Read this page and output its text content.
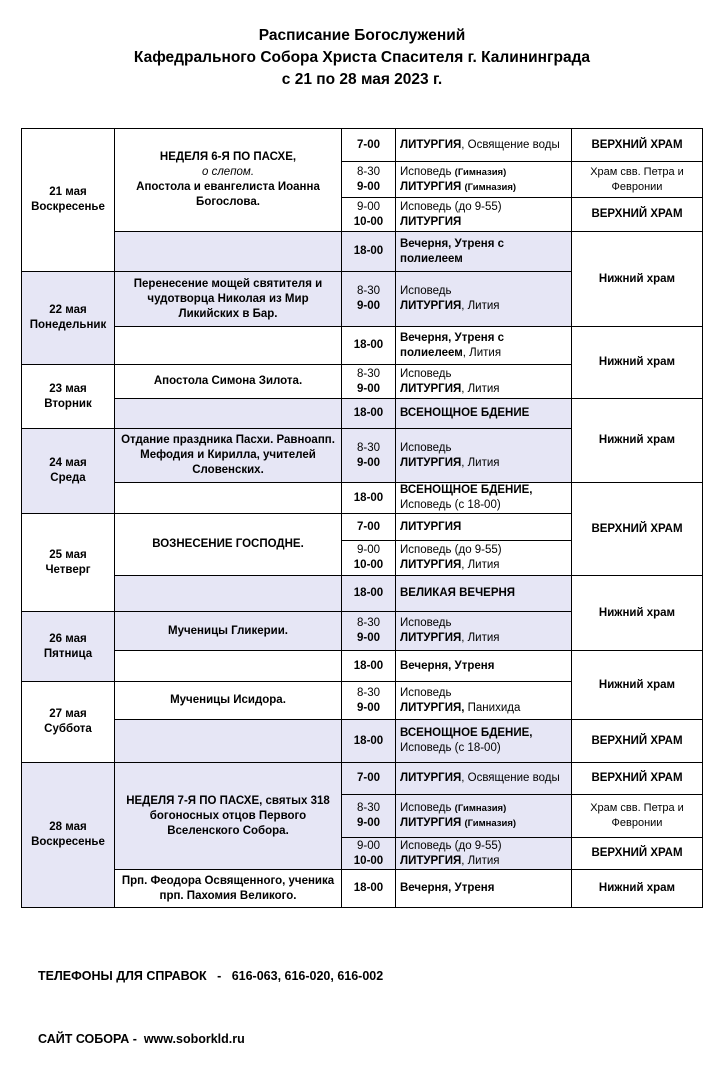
Расписание Богослужений
Кафедрального Собора Христа Спасителя г. Калининграда
с 21 по 28 мая 2023 г.
21 мая
Воскресенье	НЕДЕЛЯ 6-Я ПО ПАСХЕ,
о слепом.
Апостола и евангелиста Иоанна Богослова.	7-00	ЛИТУРГИЯ, Освящение воды	ВЕРХНИЙ ХРАМ

		8-30
9-00	Исповедь (Гимназия)
ЛИТУРГИЯ (Гимназия)	Храм свв. Петра и Февронии

		9-00
10-00	Исповедь (до 9-55)
ЛИТУРГИЯ	ВЕРХНИЙ ХРАМ
		18-00	Вечерня, Утреня с полиелеем	Нижний храм

22 мая
Понедельник	Перенесение мощей святителя и чудотворца Николая из Мир Ликийских в Бар.	8-30
9-00	Исповедь
ЛИТУРГИЯ, Лития	

		18-00	Вечерня, Утреня с полиелеем, Лития	Нижний храм

23 мая
Вторник	Апостола Симона Зилота.	8-30
9-00	Исповедь
ЛИТУРГИЯ, Лития	

		18-00	ВСЕНОЩНОЕ БДЕНИЕ	Нижний храм

24 мая
Среда	Отдание праздника Пасхи. Равноапп. Мефодия и Кирилла, учителей Словенских.	8-30
9-00	Исповедь
ЛИТУРГИЯ, Лития	

		18-00	ВСЕНОЩНОЕ БДЕНИЕ,
Исповедь (с 18-00)	ВЕРХНИЙ ХРАМ

25 мая
Четверг	ВОЗНЕСЕНИЕ ГОСПОДНЕ.	7-00	ЛИТУРГИЯ	

		9-00
10-00	Исповедь (до 9-55)
ЛИТУРГИЯ, Лития	

		18-00	ВЕЛИКАЯ ВЕЧЕРНЯ	Нижний храм

26 мая
Пятница	Мученицы Гликерии.	8-30
9-00	Исповедь
ЛИТУРГИЯ, Лития	

		18-00	Вечерня, Утреня	Нижний храм

27 мая
Суббота	Мученицы Исидора.	8-30
9-00	Исповедь
ЛИТУРГИЯ, Панихида	

		18-00	ВСЕНОЩНОЕ БДЕНИЕ,
Исповедь (с 18-00)	ВЕРХНИЙ ХРАМ

28 мая
Воскресенье	НЕДЕЛЯ 7-Я ПО ПАСХЕ, святых 318 богоносных отцов Первого Вселенского Собора.	7-00	ЛИТУРГИЯ, Освящение воды	ВЕРХНИЙ ХРАМ

		8-30
9-00	Исповедь (Гимназия)
ЛИТУРГИЯ (Гимназия)	Храм свв. Петра и Февронии

		9-00
10-00	Исповедь (до 9-55)
ЛИТУРГИЯ, Лития	ВЕРХНИЙ ХРАМ
	Прп. Феодора Освященного, ученика прп. Пахомия Великого.	18-00	Вечерня, Утреня	Нижний храм

ТЕЛЕФОНЫ ДЛЯ СПРАВОК   -   616-063, 616-020, 616-002

САЙТ СОБОРА -  www.soborkld.ru
